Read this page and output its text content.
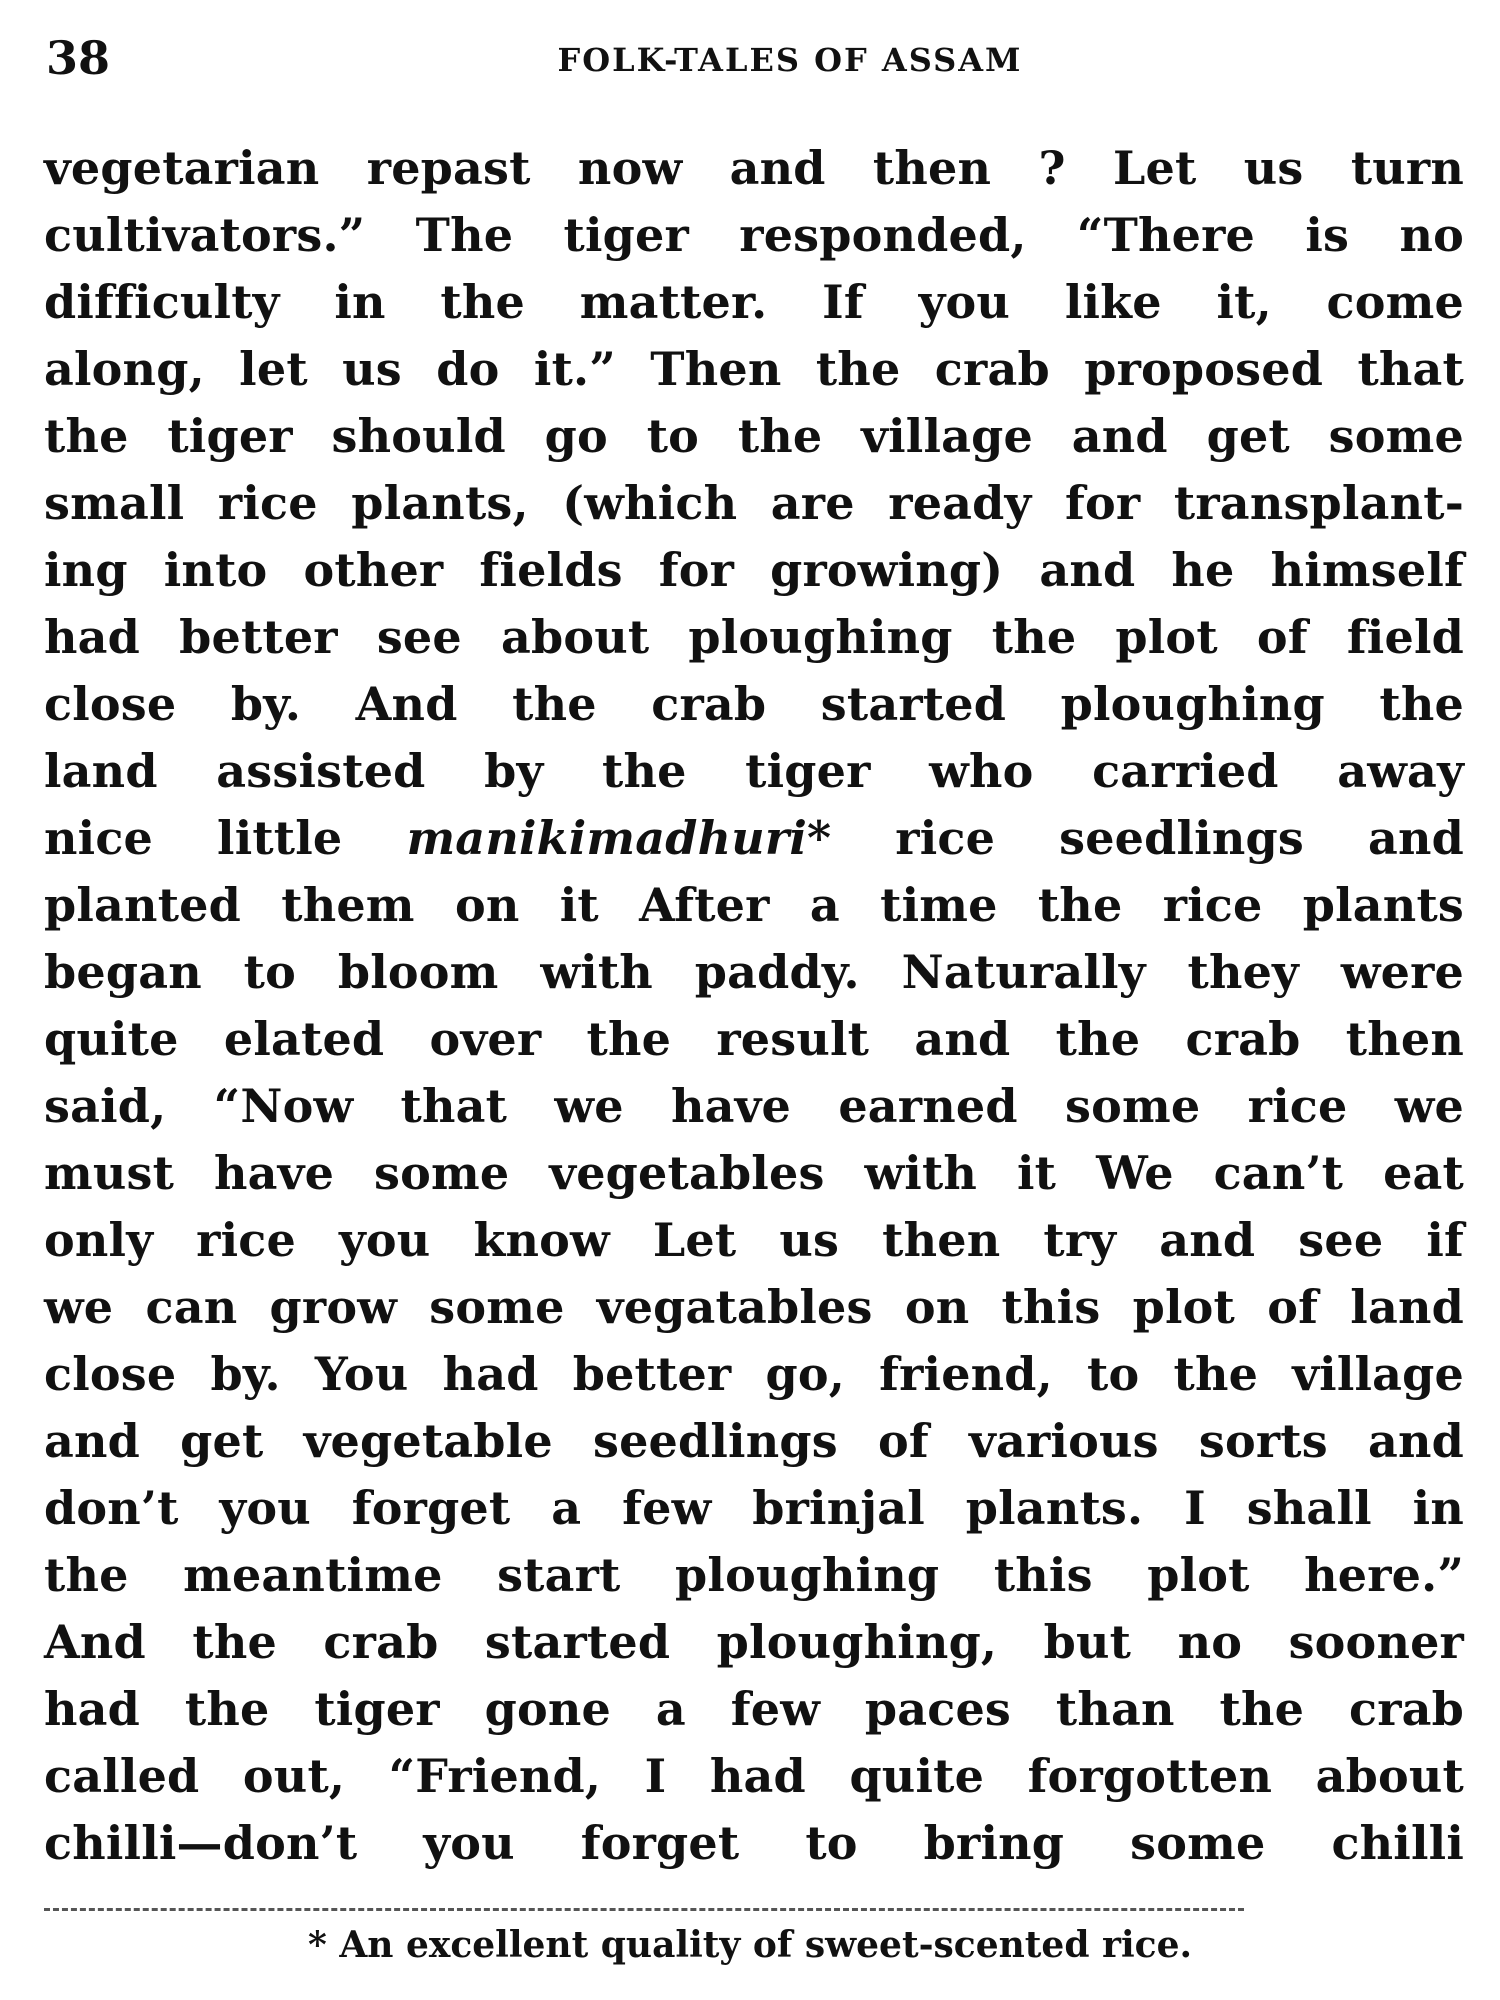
38	FOLK-TALES OF ASSAM
vegetarian repast now and then ? Let us turn
cultivators.” The tiger responded, “There is no
difficulty in the matter. If you like it, come
along, let us do it.” Then the crab proposed that
the tiger should go to the village and get some
small rice plants, (which are ready for transplant-
ing into other fields for growing) and he himself
had better see about ploughing the plot of field
close by. And the crab started ploughing the
land assisted by the tiger who carried away
nice little manikimadhuri* rice seedlings and
planted them on it After a time the rice plants
began to bloom with paddy. Naturally they were
quite elated over the result and the crab then
said, “Now that we have earned some rice we
must have some vegetables with it We can’t eat
only rice you know Let us then try and see if
we can grow some vegatables on this plot of land
close by. You had better go, friend, to the village
and get vegetable seedlings of various sorts and
don’t you forget a few brinjal plants. I shall in
the meantime start ploughing this plot here.”
And the crab started ploughing, but no sooner
had the tiger gone a few paces than the crab
called out, “Friend, I had quite forgotten about
chilli—don’t you forget to bring some chilli
* An excellent quality of sweet-scented rice.
